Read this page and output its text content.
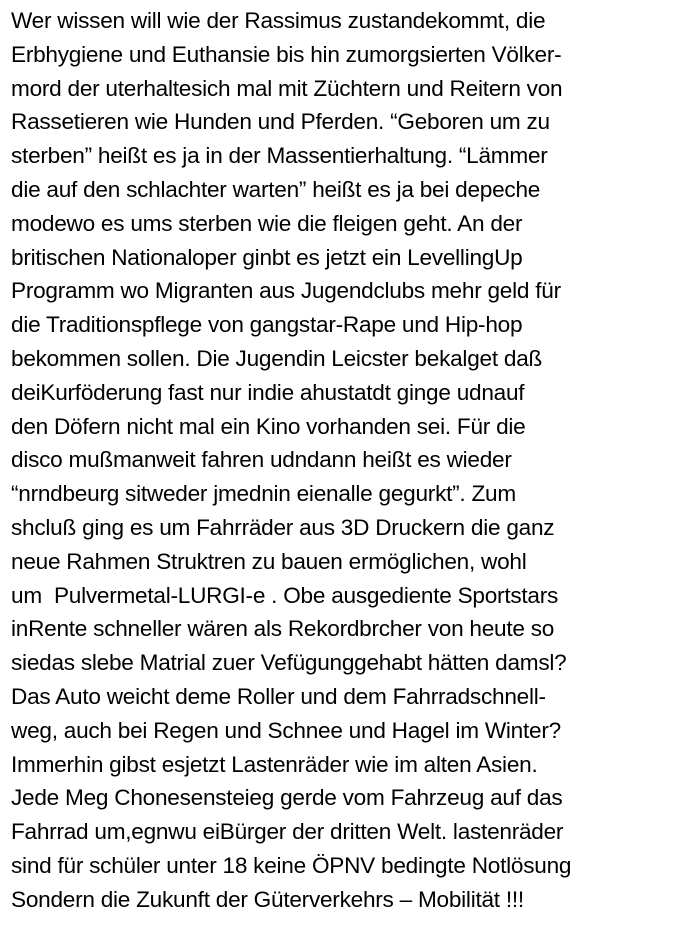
Wer wissen will wie der Rassimus zustandekommt, die
Erbhygiene und Euthansie bis hin zumorgsierten Völker-
mord der uterhaltesich mal mit Züchtern und Reitern von
Rassetieren wie Hunden und Pferden. “Geboren um zu
sterben” heißt es ja in der Massentierhaltung. “Lämmer
die auf den schlachter warten” heißt es ja bei depeche
modewo es ums sterben wie die fleigen geht. An der
britischen Nationaloper ginbt es jetzt ein LevellingUp
Programm wo Migranten aus Jugendclubs mehr geld für
die Traditionspflege von gangstar-Rape und Hip-hop
bekommen sollen. Die Jugendin Leicster bekalget daß
deiKurföderung fast nur indie ahustatdt ginge udnauf
den Döfern nicht mal ein Kino vorhanden sei. Für die
disco mußmanweit fahren udndann heißt es wieder
“nrndbeurg sitweder jmednin eienalle gegurkt”. Zum
shcluß ging es um Fahrräder aus 3D Druckern die ganz
neue Rahmen Struktren zu bauen ermöglichen, wohl
um  Pulvermetal-LURGI-e . Obe ausgediente Sportstars
inRente schneller wären als Rekordbrcher von heute so
siedas slebe Matrial zuer Vefügunggehabt hätten damsl?
Das Auto weicht deme Roller und dem Fahrradschnell-
weg, auch bei Regen und Schnee und Hagel im Winter?
Immerhin gibst esjetzt Lastenräder wie im alten Asien.
Jede Meg Chonesensteieg gerde vom Fahrzeug auf das
Fahrrad um,egnwu eiBürger der dritten Welt. lastenräder
sind für schüler unter 18 keine ÖPNV bedingte Notlösung
Sondern die Zukunft der Güterverkehrs – Mobilität !!!
